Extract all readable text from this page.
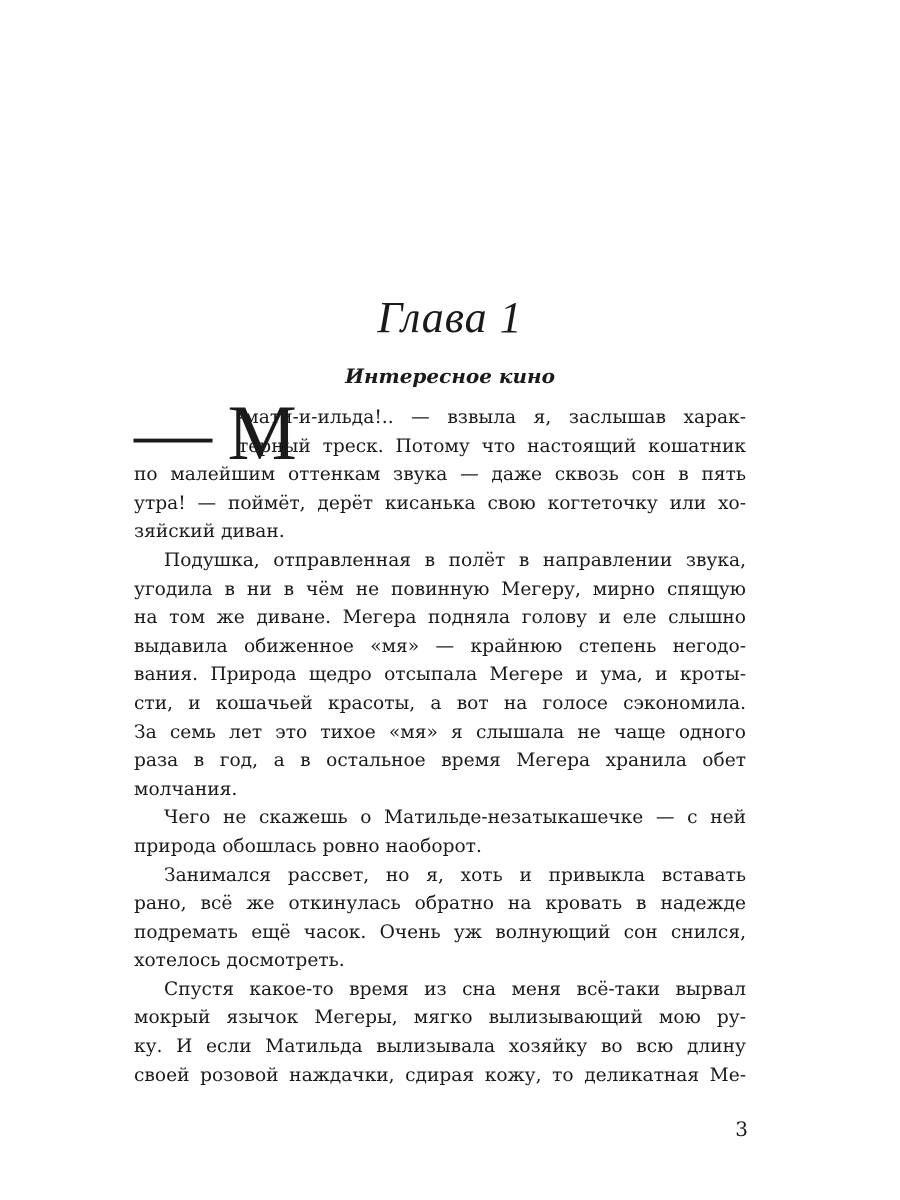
Глава 1
Интересное кино
— М
-мати-и-ильда!.. — взвыла я, заслышав харак-
терный треск. Потому что настоящий кошатник
по малейшим оттенкам звука — даже сквозь сон в пять
утра! — поймёт, дерёт кисанька свою когтеточку или хо-
зяйский диван.
Подушка, отправленная в полёт в направлении звука,
угодила в ни в чём не повинную Мегеру, мирно спящую
на том же диване. Мегера подняла голову и еле слышно
выдавила обиженное «мя» — крайнюю степень негодо-
вания. Природа щедро отсыпала Мегере и ума, и кроты-
сти, и кошачьей красоты, а вот на голосе сэкономила.
За семь лет это тихое «мя» я слышала не чаще одного
раза в год, а в остальное время Мегера хранила обет
молчания.
Чего не скажешь о Матильде-незатыкашечке — с ней
природа обошлась ровно наоборот.
Занимался рассвет, но я, хоть и привыкла вставать
рано, всё же откинулась обратно на кровать в надежде
подремать ещё часок. Очень уж волнующий сон снился,
хотелось досмотреть.
Спустя какое-то время из сна меня всё-таки вырвал
мокрый язычок Мегеры, мягко вылизывающий мою ру-
ку. И если Матильда вылизывала хозяйку во всю длину
своей розовой наждачки, сдирая кожу, то деликатная Ме-
3
